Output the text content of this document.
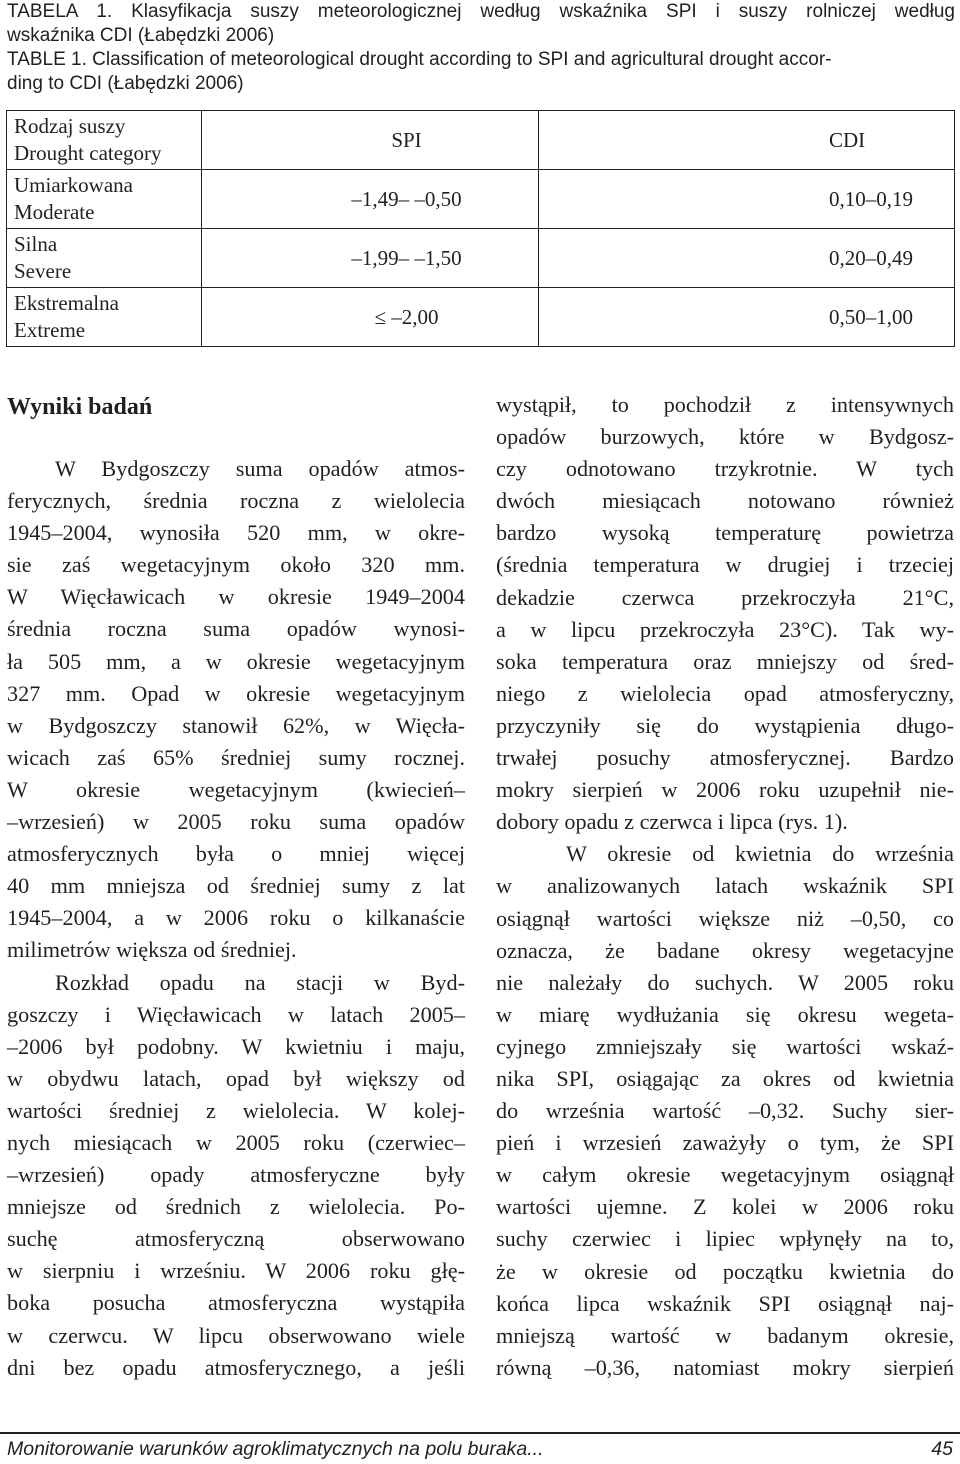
TABELA 1. Klasyfikacja suszy meteorologicznej według wskaźnika SPI i suszy rolniczej według
wskaźnika CDI (Łabędzki 2006)
TABLE 1. Classification of meteorological drought according to SPI and agricultural drought accor-
ding to CDI (Łabędzki 2006)
Rodzaj suszy
Drought category	SPI	CDI

Umiarkowana
Moderate	–1,49– –0,50	0,10–0,19

Silna
Severe	–1,99– –1,50	0,20–0,49

Ekstremalna
Extreme	≤ –2,00	0,50–1,00
Wyniki badań
W Bydgoszczy suma opadów atmos-
ferycznych, średnia roczna z wielolecia
1945–2004, wynosiła 520 mm, w okre-
sie zaś wegetacyjnym około 320 mm.
W Więcławicach w okresie 1949–2004
średnia roczna suma opadów wynosi-
ła 505 mm, a w okresie wegetacyjnym
327 mm. Opad w okresie wegetacyjnym
w Bydgoszczy stanowił 62%, w Więcła-
wicach zaś 65% średniej sumy rocznej.
W okresie wegetacyjnym (kwiecień–
–wrzesień) w 2005 roku suma opadów
atmosferycznych była o mniej więcej
40 mm mniejsza od średniej sumy z lat
1945–2004, a w 2006 roku o kilkanaście
milimetrów większa od średniej.
Rozkład opadu na stacji w Byd-
goszczy i Więcławicach w latach 2005–
–2006 był podobny. W kwietniu i maju,
w obydwu latach, opad był większy od
wartości średniej z wielolecia. W kolej-
nych miesiącach w 2005 roku (czerwiec–
–wrzesień) opady atmosferyczne były
mniejsze od średnich z wielolecia. Po-
suchę atmosferyczną obserwowano
w sierpniu i wrześniu. W 2006 roku głę-
boka posucha atmosferyczna wystąpiła
w czerwcu. W lipcu obserwowano wiele
dni bez opadu atmosferycznego, a jeśli
wystąpił, to pochodził z intensywnych
opadów burzowych, które w Bydgosz-
czy odnotowano trzykrotnie. W tych
dwóch miesiącach notowano również
bardzo wysoką temperaturę powietrza
(średnia temperatura w drugiej i trzeciej
dekadzie czerwca przekroczyła 21°C,
a w lipcu przekroczyła 23°C). Tak wy-
soka temperatura oraz mniejszy od śred-
niego z wielolecia opad atmosferyczny,
przyczyniły się do wystąpienia długo-
trwałej posuchy atmosferycznej. Bardzo
mokry sierpień w 2006 roku uzupełnił nie-
dobory opadu z czerwca i lipca (rys. 1).
W okresie od kwietnia do września
w analizowanych latach wskaźnik SPI
osiągnął wartości większe niż –0,50, co
oznacza, że badane okresy wegetacyjne
nie należały do suchych. W 2005 roku
w miarę wydłużania się okresu wegeta-
cyjnego zmniejszały się wartości wskaź-
nika SPI, osiągając za okres od kwietnia
do września wartość –0,32. Suchy sier-
pień i wrzesień zaważyły o tym, że SPI
w całym okresie wegetacyjnym osiągnął
wartości ujemne. Z kolei w 2006 roku
suchy czerwiec i lipiec wpłynęły na to,
że w okresie od początku kwietnia do
końca lipca wskaźnik SPI osiągnął naj-
mniejszą wartość w badanym okresie,
równą –0,36, natomiast mokry sierpień
Monitorowanie warunków agroklimatycznych na polu buraka...	45
